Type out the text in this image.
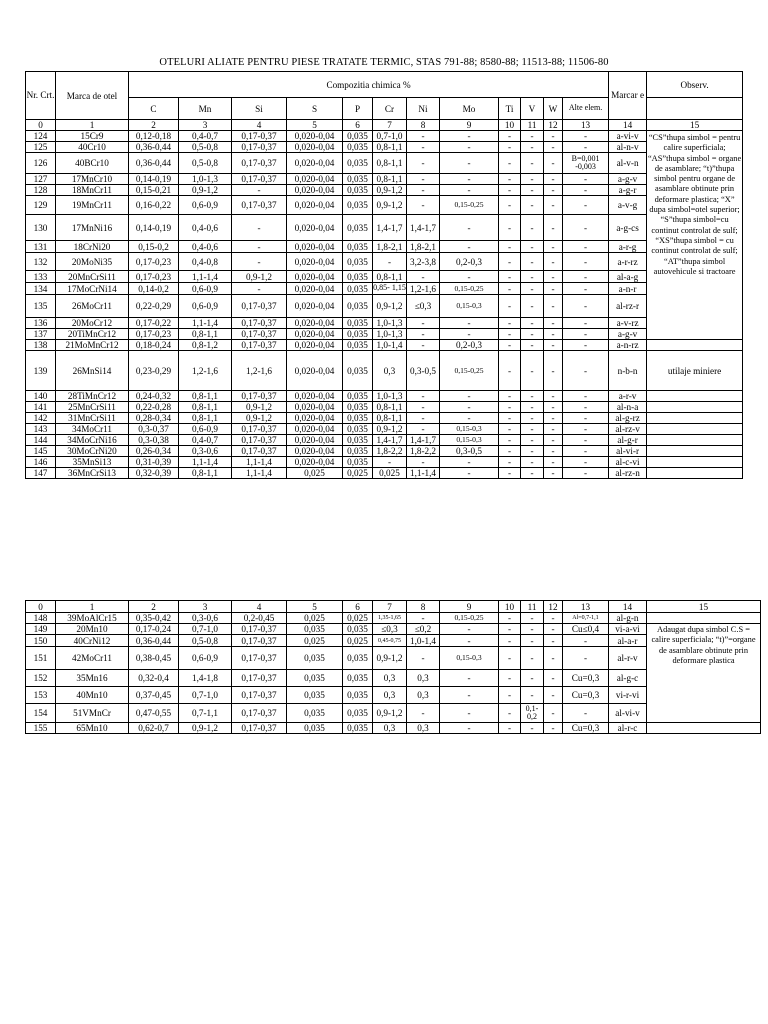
OTELURI ALIATE PENTRU PIESE TRATATE TERMIC, STAS 791-88; 8580-88; 11513-88; 11506-80
Nr. Crt.	Marca de otel	Compozitia chimica %												Marcar e	Observ.
		C	Mn	Si	S	P	Cr	Ni	Mo	Ti	V	W	Alte elem.		
0	1	2	3	4	5	6	7	8	9	10	11	12	13	14	15
124	15Cr9	0,12-0,18	0,4-0,7	0,17-0,37	0,020-0,04	0,035	0,7-1,0	-	-	-	-	-	-	a-vi-v	“CS”thupa simbol = pentru calire superficiala; “AS”thupa simbol = organe de asamblare; “t)”thupa simbol pentru organe de asamblare obtinute prin deformare plastica; “X” dupa simbol=otel superior; “S”thupa simbol=cu continut controlat de sulf; “XS”thupa simbol = cu continut controlat de sulf; “AT”thupa simbol autovehicule si tractoare
125	40Cr10	0,36-0,44	0,5-0,8	0,17-0,37	0,020-0,04	0,035	0,8-1,1	-	-	-	-	-	-	al-n-v	
126	40BCr10	0,36-0,44	0,5-0,8	0,17-0,37	0,020-0,04	0,035	0,8-1,1	-	-	-	-	-	B=0,001 -0,003	al-v-n	
127	17MnCr10	0,14-0,19	1,0-1,3	0,17-0,37	0,020-0,04	0,035	0,8-1,1	-	-	-	-	-	-	a-g-v	
128	18MnCr11	0,15-0,21	0,9-1,2	-	0,020-0,04	0,035	0,9-1,2	-	-	-	-	-	-	a-g-r	
129	19MnCr11	0,16-0,22	0,6-0,9	0,17-0,37	0,020-0,04	0,035	0,9-1,2	-	0,15-0,25	-	-	-	-	a-v-g	
130	17MnNi16	0,14-0,19	0,4-0,6	-	0,020-0,04	0,035	1,4-1,7	1,4-1,7	-	-	-	-	-	a-g-cs	
131	18CrNi20	0,15-0,2	0,4-0,6	-	0,020-0,04	0,035	1,8-2,1	1,8-2,1	-	-	-	-	-	a-r-g	
132	20MoNi35	0,17-0,23	0,4-0,8	-	0,020-0,04	0,035	-	3,2-3,8	0,2-0,3	-	-	-	-	a-r-rz	
133	20MnCrSi11	0,17-0,23	1,1-1,4	0,9-1,2	0,020-0,04	0,035	0,8-1,1	-	-	-	-	-	-	al-a-g	
134	17MoCrNi14	0,14-0,2	0,6-0,9	-	0,020-0,04	0,035	0,85- 1,15	1,2-1,6	0,15-0,25	-	-	-	-	a-n-r	
135	26MoCr11	0,22-0,29	0,6-0,9	0,17-0,37	0,020-0,04	0,035	0,9-1,2	≤0,3	0,15-0,3	-	-	-	-	al-rz-r	
136	20MoCr12	0,17-0,22	1,1-1,4	0,17-0,37	0,020-0,04	0,035	1,0-1,3	-	-	-	-	-	-	a-v-rz	
137	20TiMnCr12	0,17-0,23	0,8-1,1	0,17-0,37	0,020-0,04	0,035	1,0-1,3	-	-	-	-	-	-	a-g-v	
138	21MoMnCr12	0,18-0,24	0,8-1,2	0,17-0,37	0,020-0,04	0,035	1,0-1,4	-	0,2-0,3	-	-	-	-	a-n-rz	
139	26MnSi14	0,23-0,29	1,2-1,6	1,2-1,6	0,020-0,04	0,035	0,3	0,3-0,5	0,15-0,25	-	-	-	-	n-b-n	utilaje miniere
140	28TiMnCr12	0,24-0,32	0,8-1,1	0,17-0,37	0,020-0,04	0,035	1,0-1,3	-	-	-	-	-	-	a-r-v	
141	25MnCrSi11	0,22-0,28	0,8-1,1	0,9-1,2	0,020-0,04	0,035	0,8-1,1	-	-	-	-	-	-	al-n-a	
142	31MnCrSi11	0,28-0,34	0,8-1,1	0,9-1,2	0,020-0,04	0,035	0,8-1,1	-	-	-	-	-	-	al-g-rz	
143	34MoCr11	0,3-0,37	0,6-0,9	0,17-0,37	0,020-0,04	0,035	0,9-1,2	-	0,15-0,3	-	-	-	-	al-rz-v	
144	34MoCrNi16	0,3-0,38	0,4-0,7	0,17-0,37	0,020-0,04	0,035	1,4-1,7	1,4-1,7	0,15-0,3	-	-	-	-	al-g-r	
145	30MoCrNi20	0,26-0,34	0,3-0,6	0,17-0,37	0,020-0,04	0,035	1,8-2,2	1,8-2,2	0,3-0,5	-	-	-	-	al-vi-r	
146	35MnSi13	0,31-0,39	1,1-1,4	1,1-1,4	0,020-0,04	0,035	-	-	-	-	-	-	-	al-c-vi	
147	36MnCrSi13	0,32-0,39	0,8-1,1	1,1-1,4	0,025	0,025	0,025	1,1-1,4	-	-	-	-	-	al-rz-n	
0	1	2	3	4	5	6	7	8	9	10	11	12	13	14	15
148	39MoAlCr15	0,35-0,42	0,3-0,6	0,2-0,45	0,025	0,025	1,35-1,65	-	0,15-0,25	-	-	-	Al=0,7-1,1	al-g-n	
149	20Mn10	0,17-0,24	0,7-1,0	0,17-0,37	0,035	0,035	≤0,3	≤0,2	-	-	-	-	Cu≤0,4	vi-a-vi	Adaugat dupa simbol C.S = calire superficiala; “t)”=organe de asamblare obtinute prin deformare plastica
150	40CrNi12	0,36-0,44	0,5-0,8	0,17-0,37	0,025	0,025	0,45-0,75	1,0-1,4	-	-	-	-	-	al-a-r	
151	42MoCr11	0,38-0,45	0,6-0,9	0,17-0,37	0,035	0,035	0,9-1,2	-	0,15-0,3	-	-	-	-	al-r-v	
152	35Mn16	0,32-0,4	1,4-1,8	0,17-0,37	0,035	0,035	0,3	0,3	-	-	-	-	Cu=0,3	al-g-c	
153	40Mn10	0,37-0,45	0,7-1,0	0,17-0,37	0,035	0,035	0,3	0,3	-	-	-	-	Cu=0,3	vi-r-vi	
154	51VMnCr	0,47-0,55	0,7-1,1	0,17-0,37	0,035	0,035	0,9-1,2	-	-	-	0,1- 0,2	-	-	al-vi-v	
155	65Mn10	0,62-0,7	0,9-1,2	0,17-0,37	0,035	0,035	0,3	0,3	-	-	-	-	Cu=0,3	al-r-c	
